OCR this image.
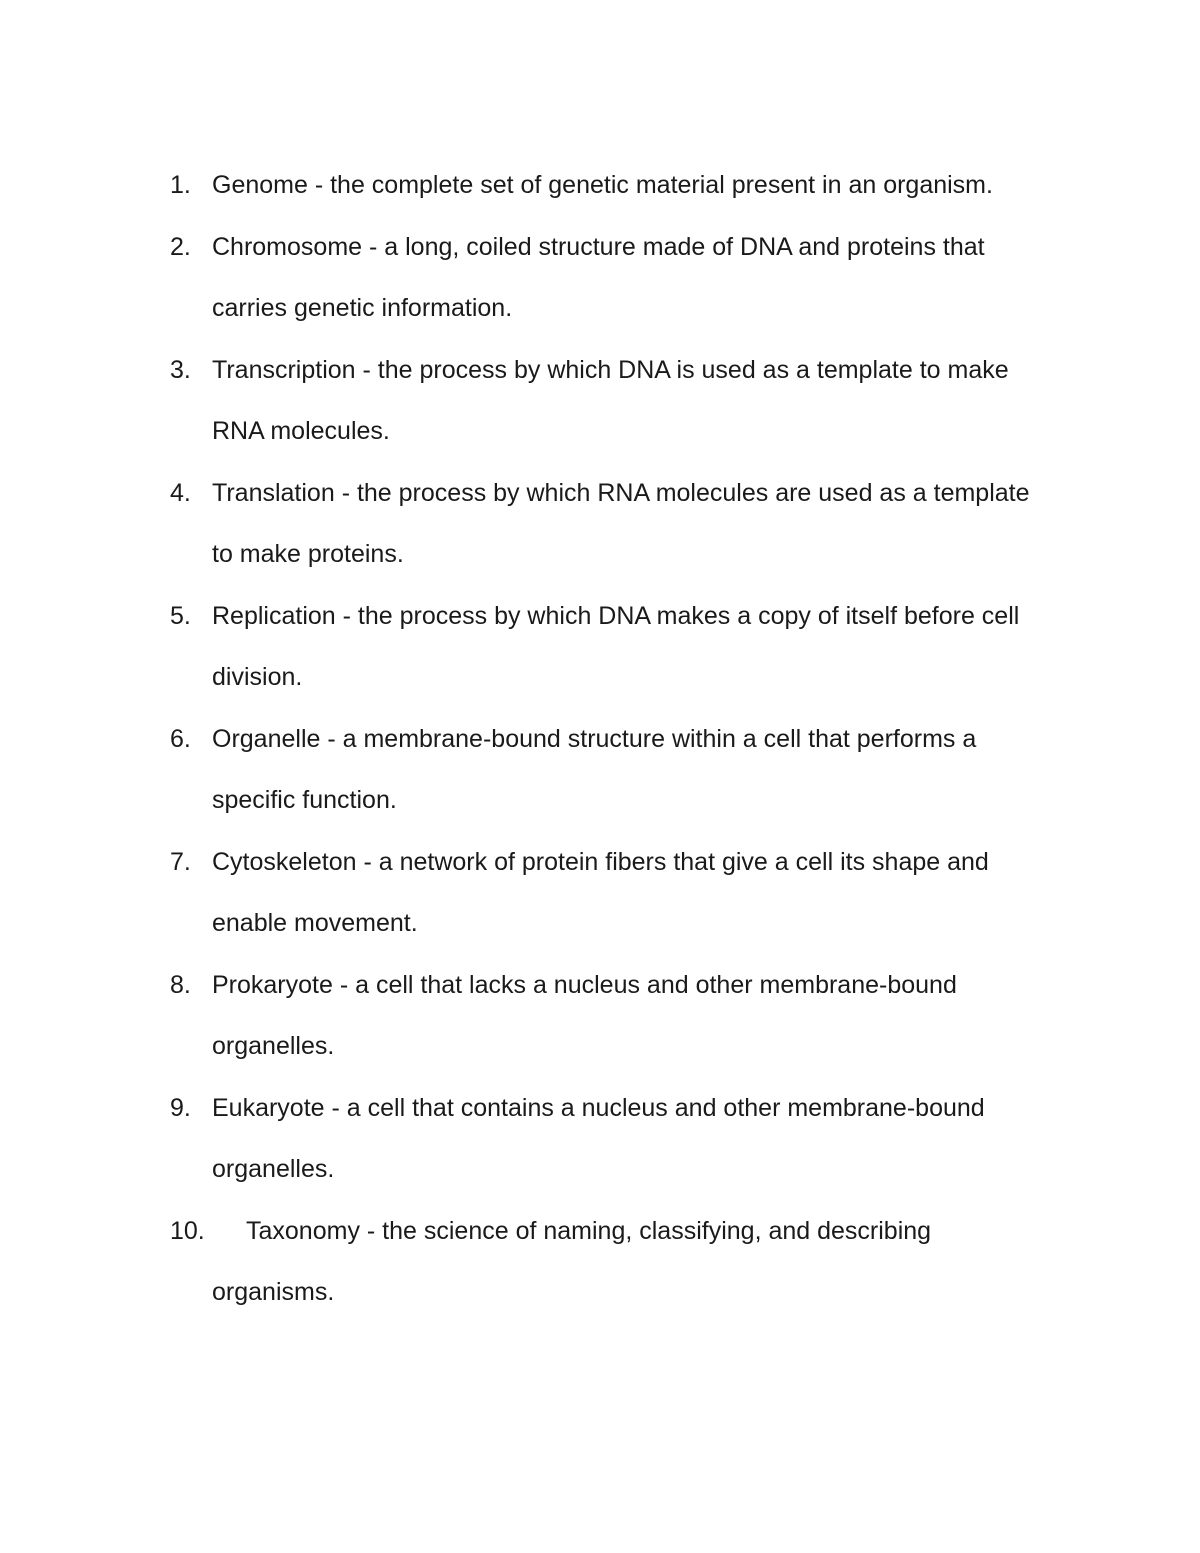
1. Genome - the complete set of genetic material present in an organism.
2. Chromosome - a long, coiled structure made of DNA and proteins that
carries genetic information.
3. Transcription - the process by which DNA is used as a template to make
RNA molecules.
4. Translation - the process by which RNA molecules are used as a template
to make proteins.
5. Replication - the process by which DNA makes a copy of itself before cell
division.
6. Organelle - a membrane-bound structure within a cell that performs a
specific function.
7. Cytoskeleton - a network of protein fibers that give a cell its shape and
enable movement.
8. Prokaryote - a cell that lacks a nucleus and other membrane-bound
organelles.
9. Eukaryote - a cell that contains a nucleus and other membrane-bound
organelles.
10.	Taxonomy - the science of naming, classifying, and describing
organisms.
